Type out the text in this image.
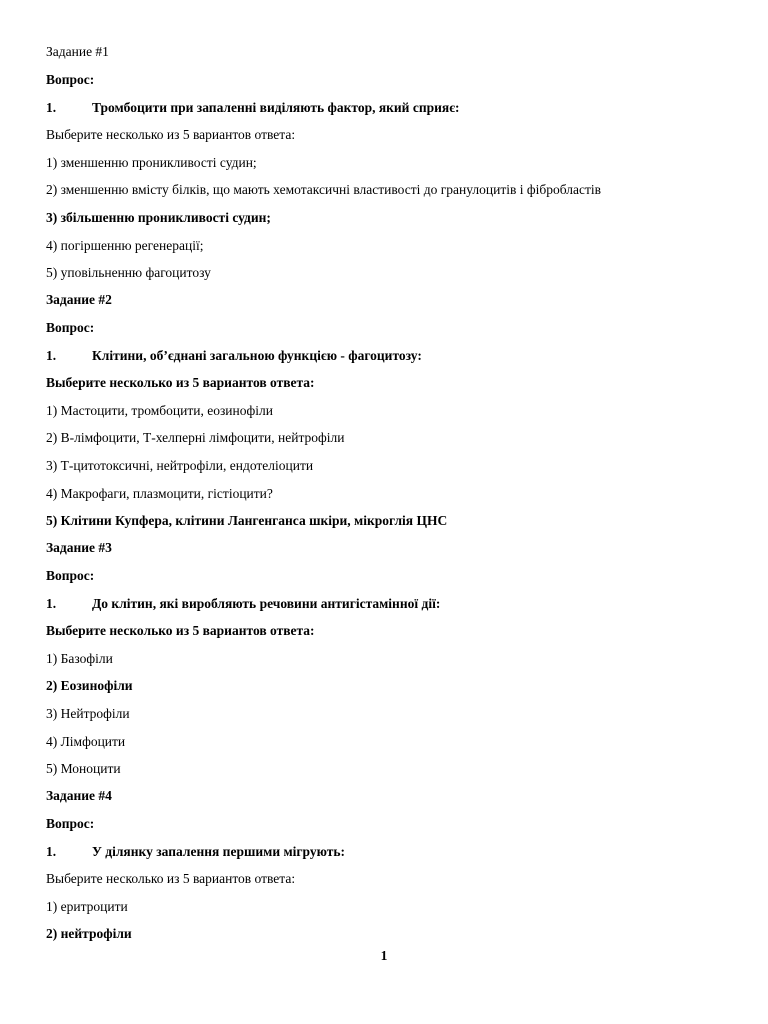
Задание #1
Вопрос:
1.	Тромбоцити при запаленні виділяють фактор, який сприяє:
Выберите несколько из 5 вариантов ответа:
1) зменшенню проникливості судин;
2) зменшенню вмісту білків, що мають хемотаксичні властивості до гранулоцитів і фібробластів
3) збільшенню проникливості судин;
4) погіршенню регенерації;
5) уповільненню фагоцитозу
Задание #2
Вопрос:
1.	Клітини, об’єднані загальною функцією - фагоцитозу:
Выберите несколько из 5 вариантов ответа:
1) Мастоцити, тромбоцити, еозинофіли
2) В-лімфоцити, Т-хелперні лімфоцити, нейтрофіли
3) Т-цитотоксичні, нейтрофіли, ендотеліоцити
4) Макрофаги, плазмоцити, гістіоцити?
5) Клітини Купфера, клітини Лангенганса шкіри, мікроглія ЦНС
Задание #3
Вопрос:
1.	До клітин, які виробляють речовини антигістамінної дії:
Выберите несколько из 5 вариантов ответа:
1) Базофіли
2) Еозинофіли
3) Нейтрофіли
4) Лімфоцити
5) Моноцити
Задание #4
Вопрос:
1.	У ділянку запалення першими мігрують:
Выберите несколько из 5 вариантов ответа:
1) еритроцити
2) нейтрофіли
1
